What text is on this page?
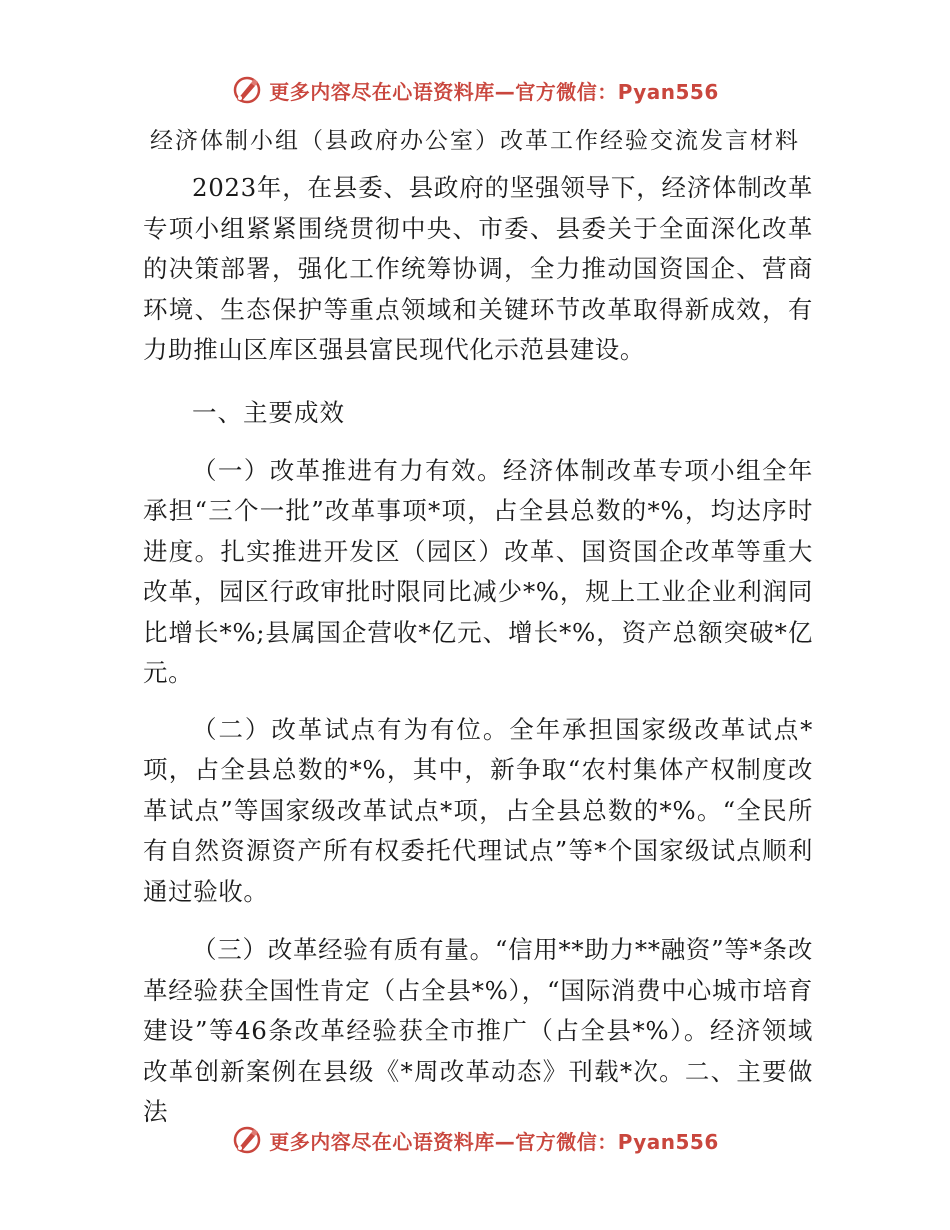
更多内容尽在心语资料库—官方微信：Pyan556
经济体制小组（县政府办公室）改革工作经验交流发言材料

2023年，在县委、县政府的坚强领导下，经济体制改革专项小组紧紧围绕贯彻中央、市委、县委关于全面深化改革的决策部署，强化工作统筹协调，全力推动国资国企、营商环境、生态保护等重点领域和关键环节改革取得新成效，有力助推山区库区强县富民现代化示范县建设。

一、主要成效

（一）改革推进有力有效。经济体制改革专项小组全年承担“三个一批”改革事项*项，占全县总数的*%，均达序时进度。扎实推进开发区（园区）改革、国资国企改革等重大改革，园区行政审批时限同比减少*%，规上工业企业利润同比增长*%;县属国企营收*亿元、增长*%，资产总额突破*亿元。

（二）改革试点有为有位。全年承担国家级改革试点*项，占全县总数的*%，其中，新争取“农村集体产权制度改革试点”等国家级改革试点*项，占全县总数的*%。“全民所有自然资源资产所有权委托代理试点”等*个国家级试点顺利通过验收。

（三）改革经验有质有量。“信用**助力**融资”等*条改革经验获全国性肯定（占全县*%），“国际消费中心城市培育建设”等46条改革经验获全市推广（占全县*%）。经济领域改革创新案例在县级《*周改革动态》刊载*次。二、主要做法

更多内容尽在心语资料库—官方微信：Pyan556
